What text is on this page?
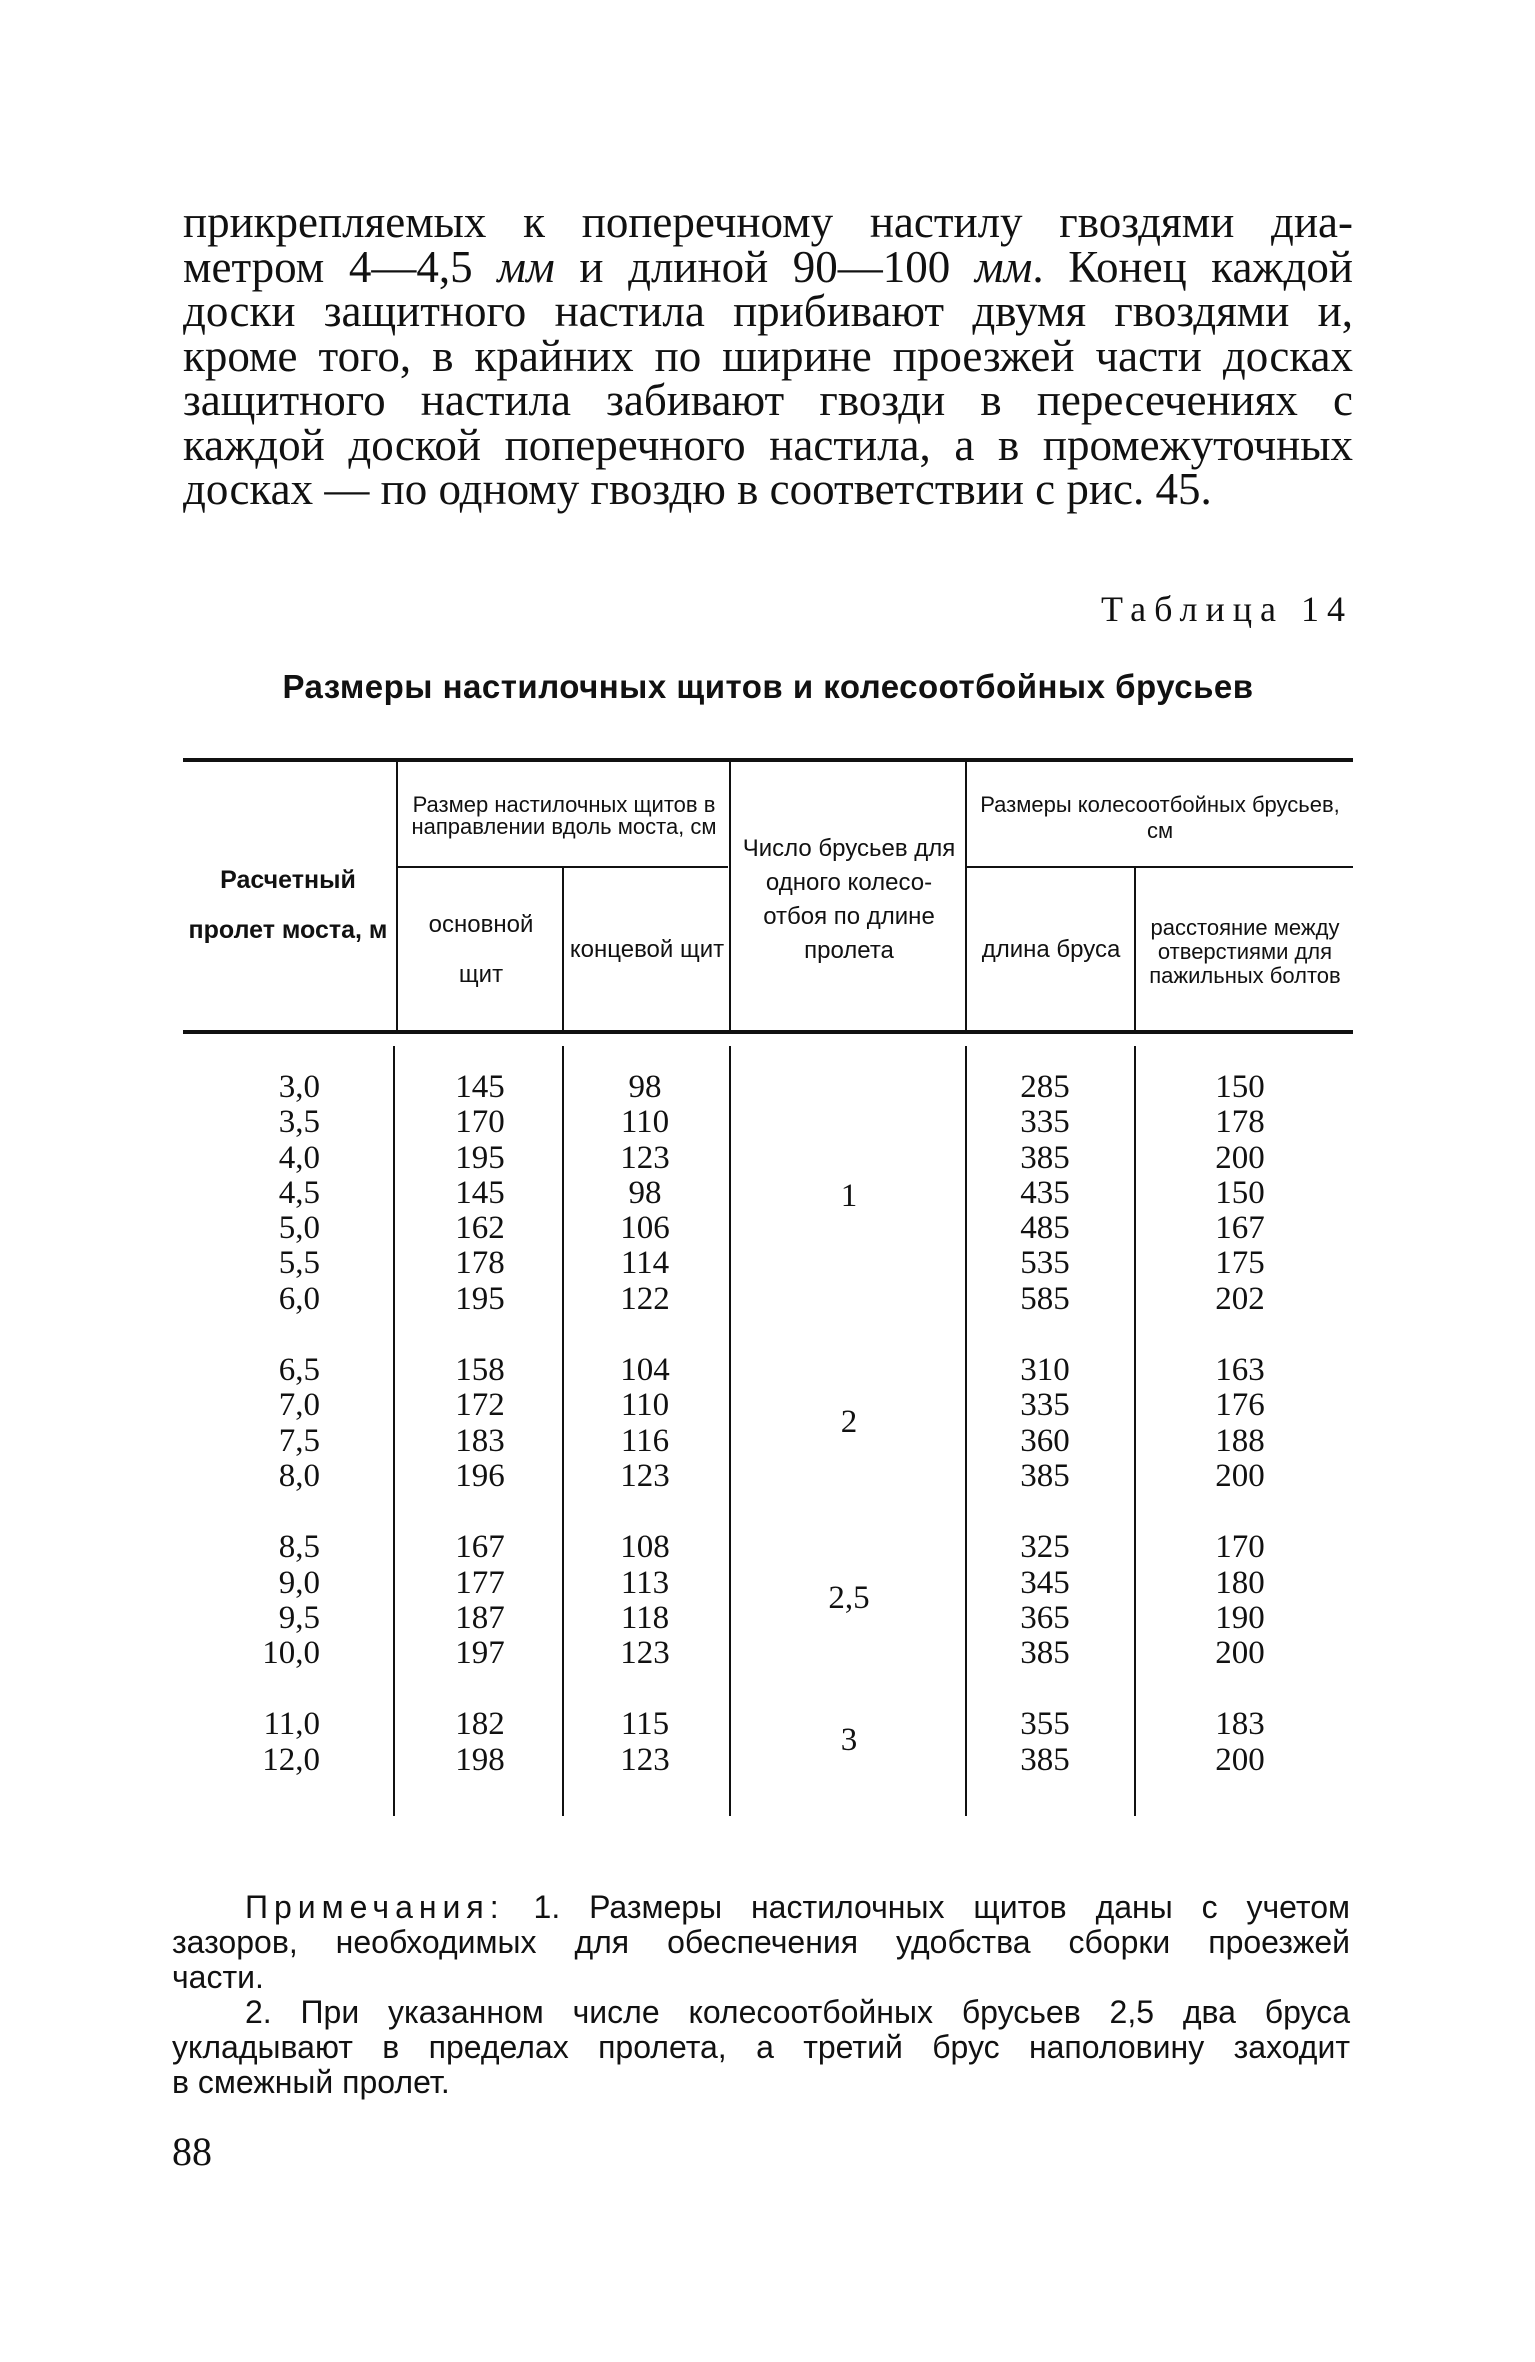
прикрепляемых к поперечному настилу гвоздями диа-
метром 4—4,5 мм и длиной 90—100 мм. Конец каждой
доски защитного настила прибивают двумя гвоздями и,
кроме того, в крайних по ширине проезжей части досках
защитного настила забивают гвозди в пересечениях с
каждой доской поперечного настила, а в промежуточных
досках — по одному гвоздю в соответствии с рис. 45.
Таблица 14
Размеры настилочных щитов и колесоотбойных брусьев
Расчетный пролет моста, м
Размер настилочных щитов в направлении вдоль моста, см
основной щит
концевой щит
Число брусьев для одного колесо-отбоя по длине пролета
Размеры колесоотбойных брусьев, см
длина бруса
расстояние между отверстиями для пажильных болтов
3,0
3,5
4,0
4,5
5,0
5,5
6,0
6,5
7,0
7,5
8,0
8,5
9,0
9,5
10,0
11,0
12,0
145
170
195
145
162
178
195
158
172
183
196
167
177
187
197
182
198
98
110
123
98
106
114
122
104
110
116
123
108
113
118
123
115
123
285
335
385
435
485
535
585
310
335
360
385
325
345
365
385
355
385
150
178
200
150
167
175
202
163
176
188
200
170
180
190
200
183
200
1
2
2,5
3
Примечания: 1. Размеры настилочных щитов даны с учетом
зазоров, необходимых для обеспечения удобства сборки проезжей
части.
2. При указанном числе колесоотбойных брусьев 2,5 два бруса
укладывают в пределах пролета, а третий брус наполовину заходит
в смежный пролет.
88
